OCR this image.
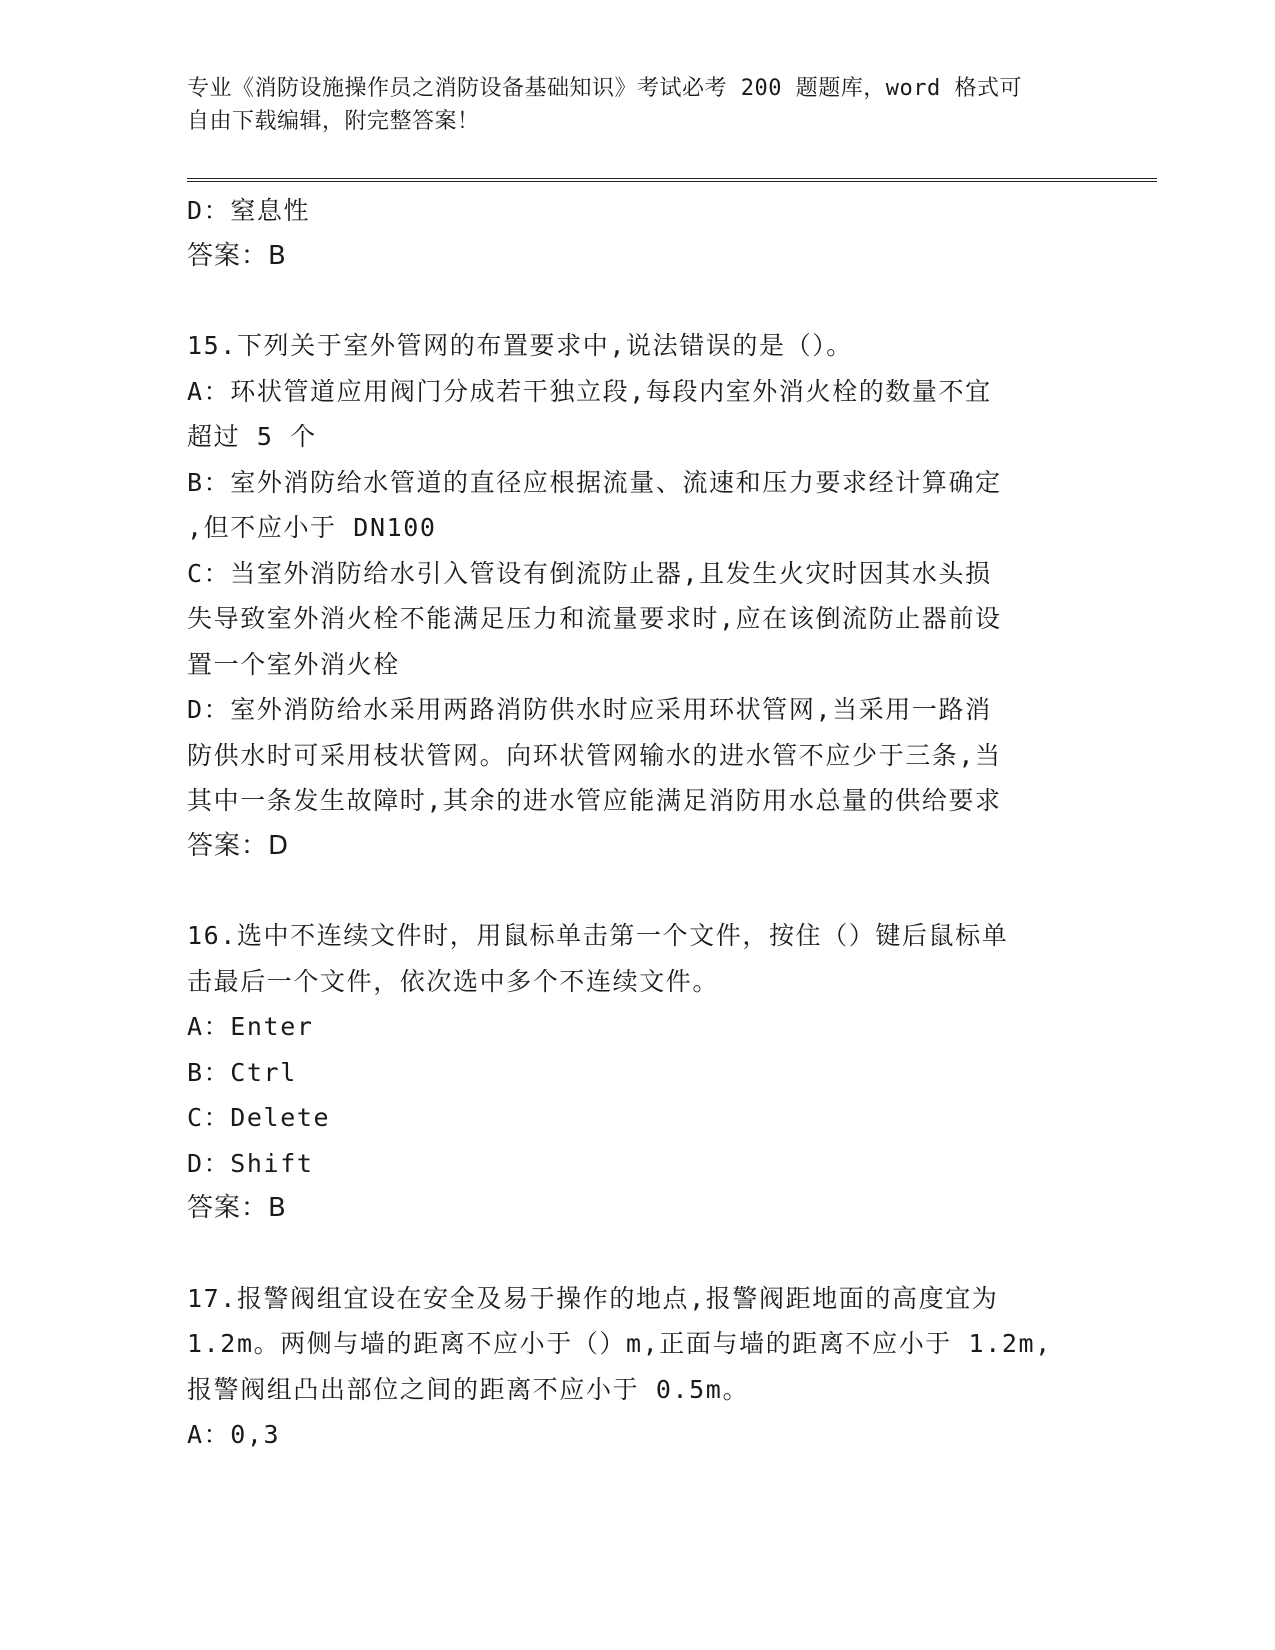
专业《消防设施操作员之消防设备基础知识》考试必考 200 题题库，word 格式可
自由下载编辑，附完整答案！
D：窒息性
答案：B
15.下列关于室外管网的布置要求中,说法错误的是（）。
A：环状管道应用阀门分成若干独立段,每段内室外消火栓的数量不宜
超过 5 个
B：室外消防给水管道的直径应根据流量、流速和压力要求经计算确定
,但不应小于 DN100
C：当室外消防给水引入管设有倒流防止器,且发生火灾时因其水头损
失导致室外消火栓不能满足压力和流量要求时,应在该倒流防止器前设
置一个室外消火栓
D：室外消防给水采用两路消防供水时应采用环状管网,当采用一路消
防供水时可采用枝状管网。向环状管网输水的进水管不应少于三条,当
其中一条发生故障时,其余的进水管应能满足消防用水总量的供给要求
答案：D
16.选中不连续文件时，用鼠标单击第一个文件，按住（）键后鼠标单
击最后一个文件，依次选中多个不连续文件。
A：Enter
B：Ctrl
C：Delete
D：Shift
答案：B
17.报警阀组宜设在安全及易于操作的地点,报警阀距地面的高度宜为
1.2m。两侧与墙的距离不应小于（）m,正面与墙的距离不应小于 1.2m,
报警阀组凸出部位之间的距离不应小于 0.5m。
A：0,3
